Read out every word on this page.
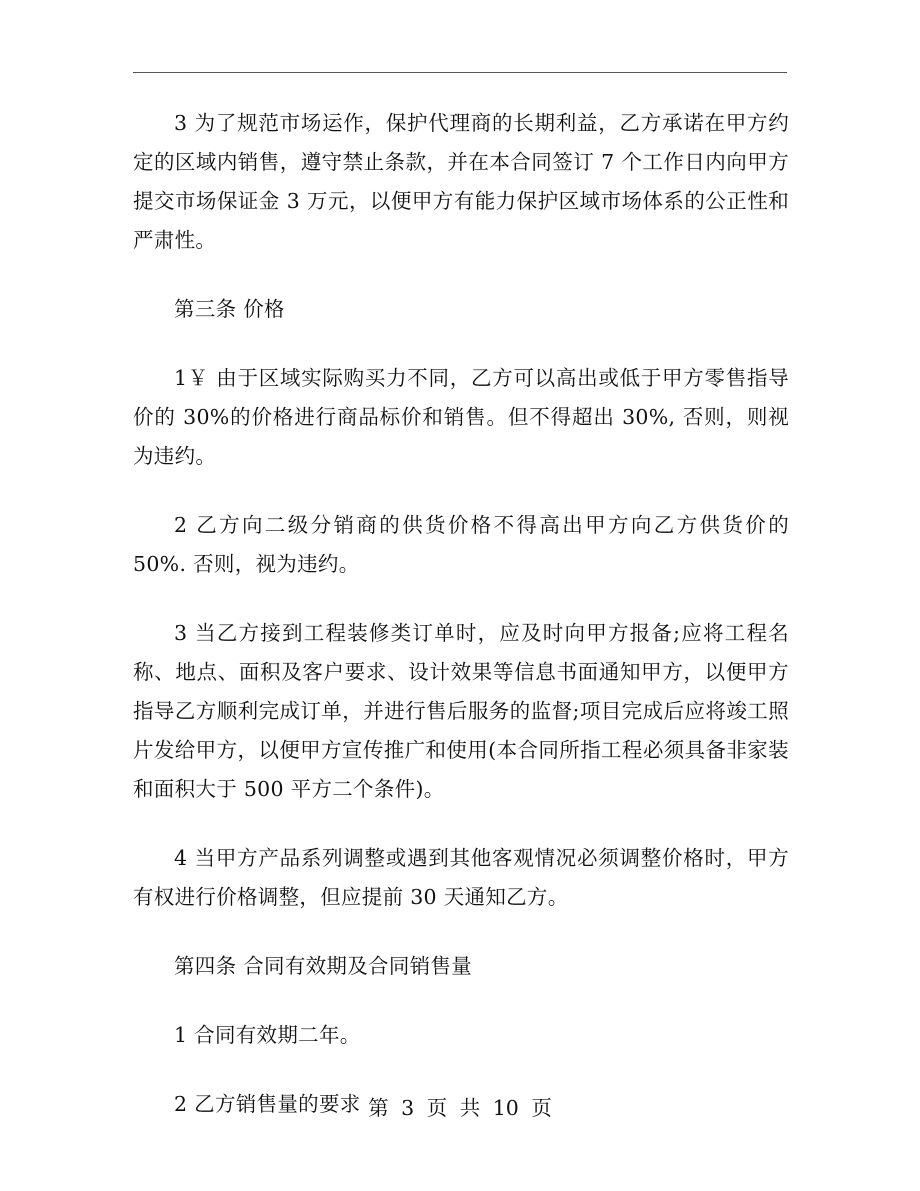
3 为了规范市场运作，保护代理商的长期利益，乙方承诺在甲方约定的区域内销售，遵守禁止条款，并在本合同签订 7 个工作日内向甲方提交市场保证金 3 万元，以便甲方有能力保护区域市场体系的公正性和严肃性。

第三条 价格

1￥ 由于区域实际购买力不同，乙方可以高出或低于甲方零售指导价的 30%的价格进行商品标价和销售。但不得超出 30%, 否则，则视为违约。

2 乙方向二级分销商的供货价格不得高出甲方向乙方供货价的 50%. 否则，视为违约。

3 当乙方接到工程装修类订单时，应及时向甲方报备;应将工程名称、地点、面积及客户要求、设计效果等信息书面通知甲方，以便甲方指导乙方顺利完成订单，并进行售后服务的监督;项目完成后应将竣工照片发给甲方，以便甲方宣传推广和使用(本合同所指工程必须具备非家装和面积大于 500 平方二个条件)。

4 当甲方产品系列调整或遇到其他客观情况必须调整价格时，甲方有权进行价格调整，但应提前 30 天通知乙方。

第四条 合同有效期及合同销售量

1 合同有效期二年。

2 乙方销售量的要求 第 3 页 共 10 页
